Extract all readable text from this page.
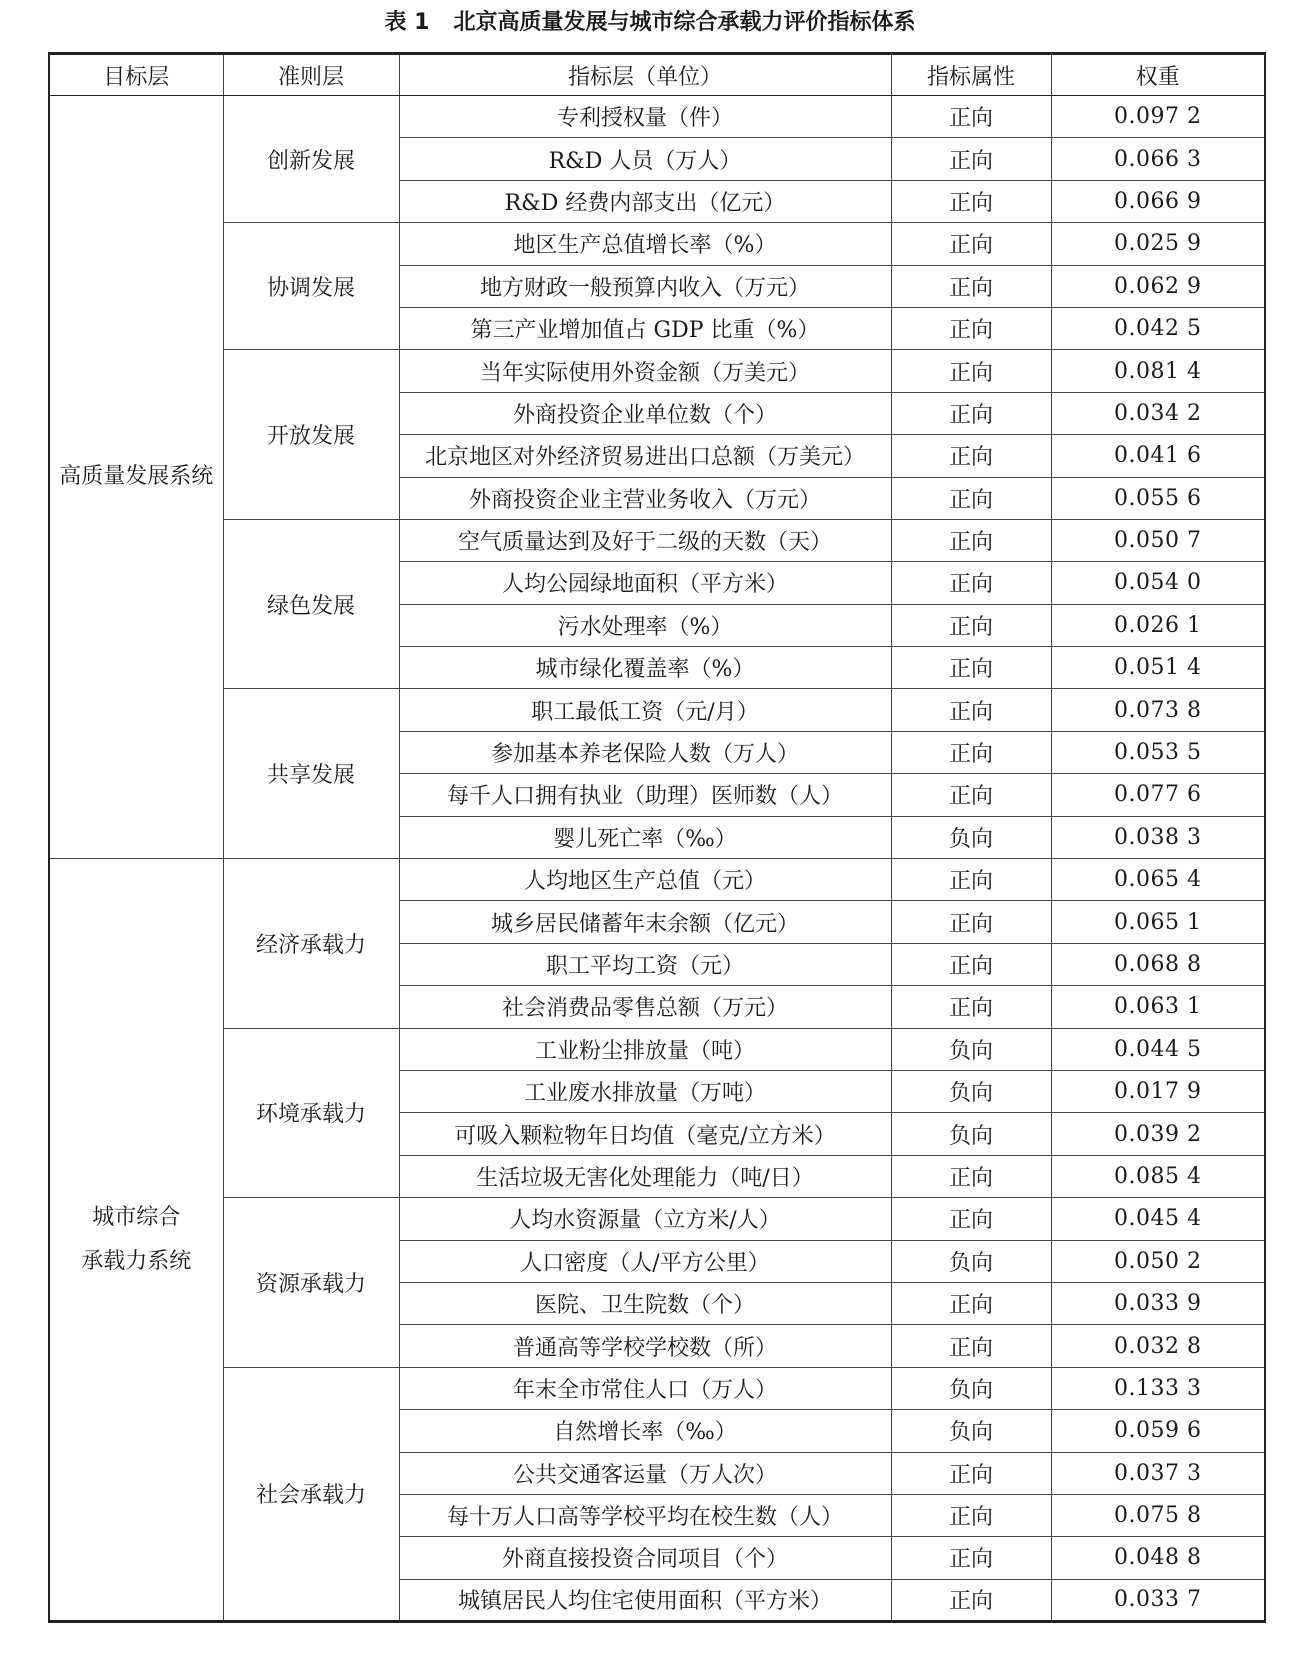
表 1 北京高质量发展与城市综合承载力评价指标体系
目标层	准则层	指标层（单位）	指标属性	权重

高质量发展系统	创新发展	专利授权量（件）	正向	0.097 2
		R&D 人员（万人）	正向	0.066 3
		R&D 经费内部支出（亿元）	正向	0.066 9
	协调发展	地区生产总值增长率（%）	正向	0.025 9
		地方财政一般预算内收入（万元）	正向	0.062 9
		第三产业增加值占 GDP 比重（%）	正向	0.042 5
	开放发展	当年实际使用外资金额（万美元）	正向	0.081 4
		外商投资企业单位数（个）	正向	0.034 2
		北京地区对外经济贸易进出口总额（万美元）	正向	0.041 6
		外商投资企业主营业务收入（万元）	正向	0.055 6
	绿色发展	空气质量达到及好于二级的天数（天）	正向	0.050 7
		人均公园绿地面积（平方米）	正向	0.054 0
		污水处理率（%）	正向	0.026 1
		城市绿化覆盖率（%）	正向	0.051 4
	共享发展	职工最低工资（元/月）	正向	0.073 8
		参加基本养老保险人数（万人）	正向	0.053 5
		每千人口拥有执业（助理）医师数（人）	正向	0.077 6
		婴儿死亡率（‰）	负向	0.038 3

城市综合
承载力系统	经济承载力	人均地区生产总值（元）	正向	0.065 4
		城乡居民储蓄年末余额（亿元）	正向	0.065 1
		职工平均工资（元）	正向	0.068 8
		社会消费品零售总额（万元）	正向	0.063 1
	环境承载力	工业粉尘排放量（吨）	负向	0.044 5
		工业废水排放量（万吨）	负向	0.017 9
		可吸入颗粒物年日均值（毫克/立方米）	负向	0.039 2
		生活垃圾无害化处理能力（吨/日）	正向	0.085 4
	资源承载力	人均水资源量（立方米/人）	正向	0.045 4
		人口密度（人/平方公里）	负向	0.050 2
		医院、卫生院数（个）	正向	0.033 9
		普通高等学校学校数（所）	正向	0.032 8
	社会承载力	年末全市常住人口（万人）	负向	0.133 3
		自然增长率（‰）	负向	0.059 6
		公共交通客运量（万人次）	正向	0.037 3
		每十万人口高等学校平均在校生数（人）	正向	0.075 8
		外商直接投资合同项目（个）	正向	0.048 8
		城镇居民人均住宅使用面积（平方米）	正向	0.033 7
